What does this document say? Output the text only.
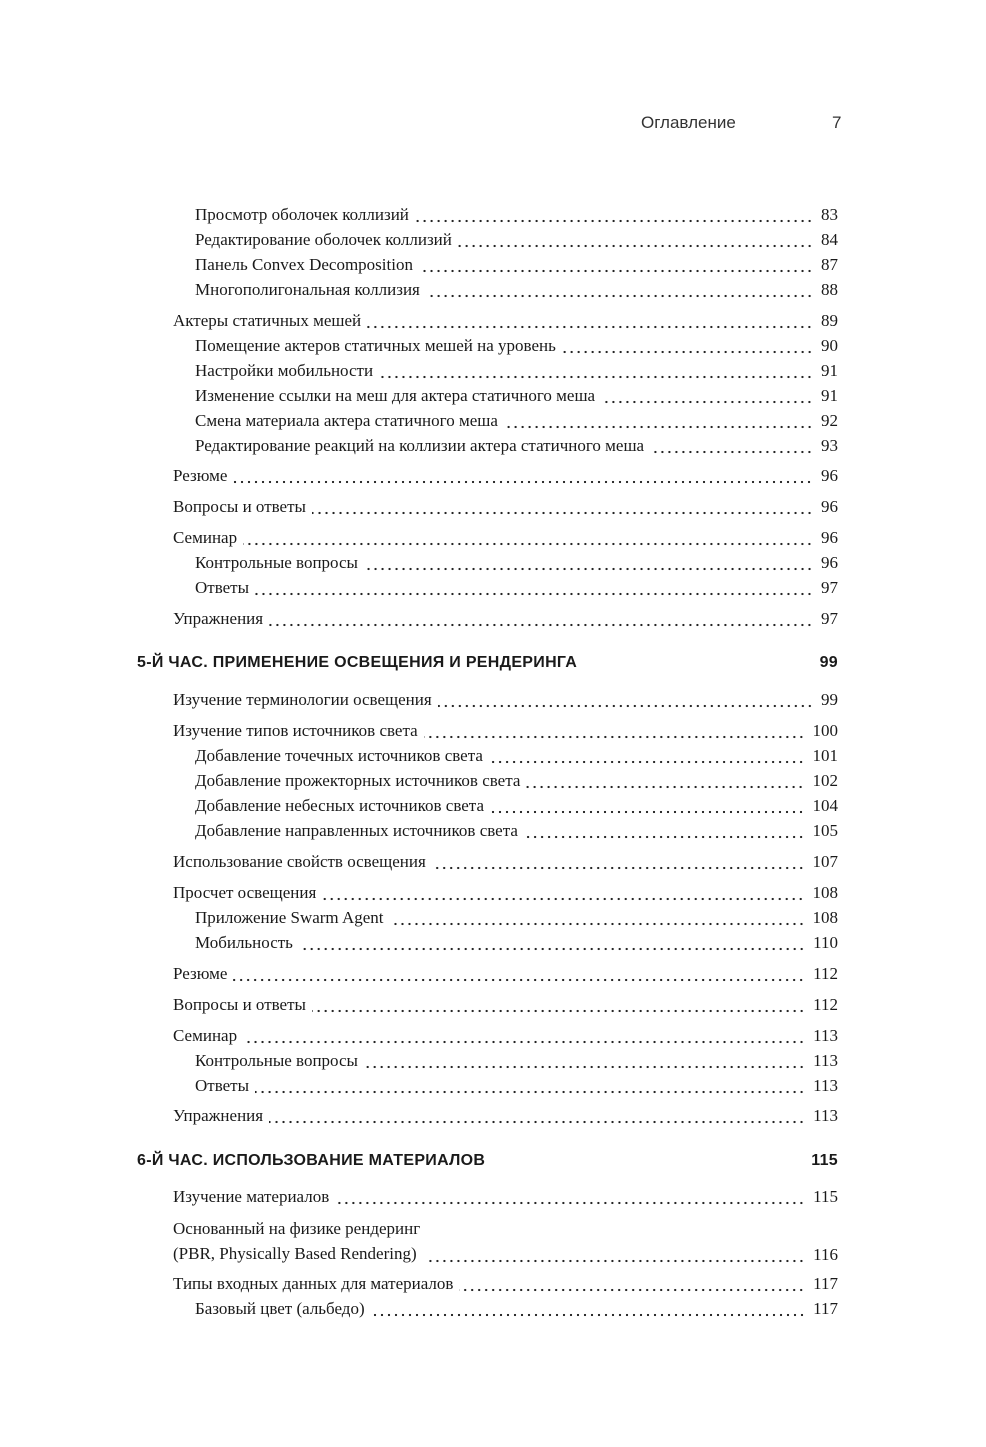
Оглавление	7
Просмотр оболочек коллизий	83
Редактирование оболочек коллизий	84
Панель Convex Decomposition	87
Многополигональная коллизия	88
Актеры статичных мешей	89
Помещение актеров статичных мешей на уровень	90
Настройки мобильности	91
Изменение ссылки на меш для актера статичного меша	91
Смена материала актера статичного меша	92
Редактирование реакций на коллизии актера статичного меша	93
Резюме	96
Вопросы и ответы	96
Семинар	96
Контрольные вопросы	96
Ответы	97
Упражнения	97
5-Й ЧАС. ПРИМЕНЕНИЕ ОСВЕЩЕНИЯ И РЕНДЕРИНГА	99
Изучение терминологии освещения	99
Изучение типов источников света	100
Добавление точечных источников света	101
Добавление прожекторных источников света	102
Добавление небесных источников света	104
Добавление направленных источников света	105
Использование свойств освещения	107
Просчет освещения	108
Приложение Swarm Agent	108
Мобильность	110
Резюме	112
Вопросы и ответы	112
Семинар	113
Контрольные вопросы	113
Ответы	113
Упражнения	113
6-Й ЧАС. ИСПОЛЬЗОВАНИЕ МАТЕРИАЛОВ	115
Изучение материалов	115
Основанный на физике рендеринг
(PBR, Physically Based Rendering)	116
Типы входных данных для материалов	117
Базовый цвет (альбедо)	117
